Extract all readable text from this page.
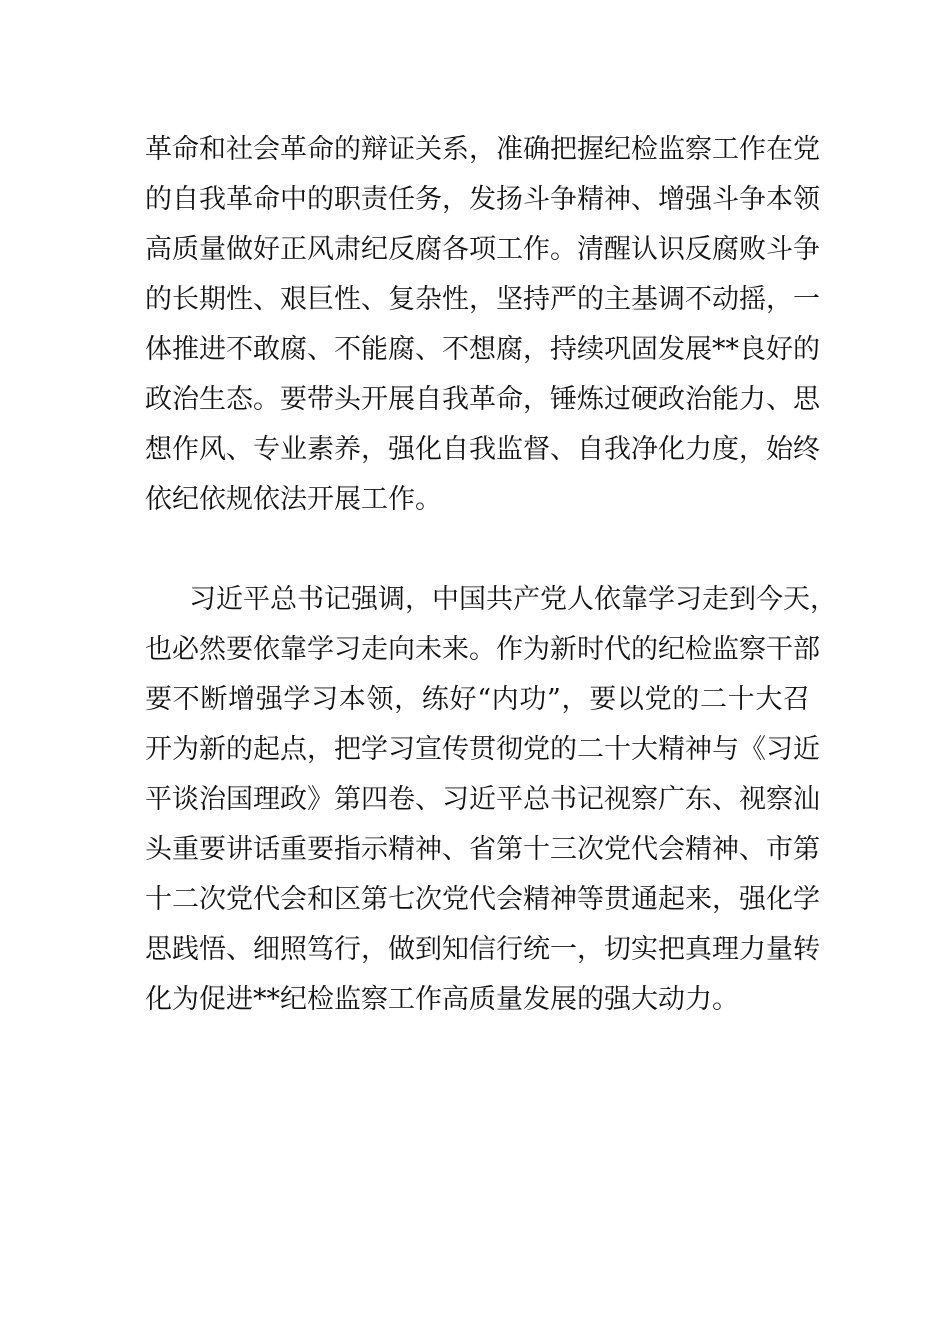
革命和社会革命的辩证关系，准确把握纪检监察工作在党
的自我革命中的职责任务，发扬斗争精神、增强斗争本领
高质量做好正风肃纪反腐各项工作。清醒认识反腐败斗争
的长期性、艰巨性、复杂性，坚持严的主基调不动摇，一
体推进不敢腐、不能腐、不想腐，持续巩固发展**良好的
政治生态。要带头开展自我革命，锤炼过硬政治能力、思
想作风、专业素养，强化自我监督、自我净化力度，始终
依纪依规依法开展工作。
习近平总书记强调，中国共产党人依靠学习走到今天，
也必然要依靠学习走向未来。作为新时代的纪检监察干部
要不断增强学习本领，练好“内功”，要以党的二十大召
开为新的起点，把学习宣传贯彻党的二十大精神与《习近
平谈治国理政》第四卷、习近平总书记视察广东、视察汕
头重要讲话重要指示精神、省第十三次党代会精神、市第
十二次党代会和区第七次党代会精神等贯通起来，强化学
思践悟、细照笃行，做到知信行统一，切实把真理力量转
化为促进**纪检监察工作高质量发展的强大动力。
